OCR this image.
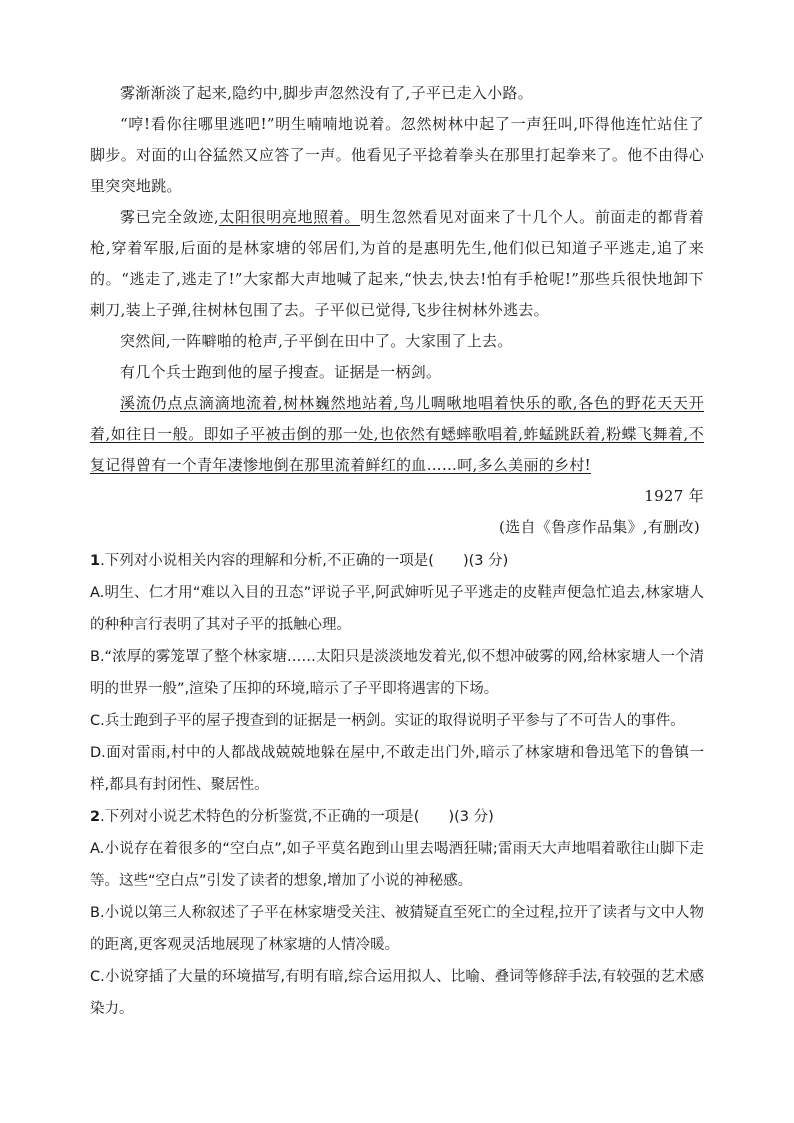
雾渐渐淡了起来,隐约中,脚步声忽然没有了,子平已走入小路。

“哼!看你往哪里逃吧!”明生喃喃地说着。忽然树林中起了一声狂叫,吓得他连忙站住了脚步。对面的山谷猛然又应答了一声。他看见子平捻着拳头在那里打起拳来了。他不由得心里突突地跳。

雾已完全敛迹,太阳很明亮地照着。明生忽然看见对面来了十几个人。前面走的都背着枪,穿着军服,后面的是林家塘的邻居们,为首的是惠明先生,他们似已知道子平逃走,追了来的。“逃走了,逃走了!”大家都大声地喊了起来,“快去,快去!怕有手枪呢!”那些兵很快地卸下刺刀,装上子弹,往树林包围了去。子平似已觉得,飞步往树林外逃去。

突然间,一阵噼啪的枪声,子平倒在田中了。大家围了上去。

有几个兵士跑到他的屋子搜查。证据是一柄剑。

溪流仍点点滴滴地流着,树林巍然地站着,鸟儿啁啾地唱着快乐的歌,各色的野花天天开着,如往日一般。即如子平被击倒的那一处,也依然有蟋蟀歌唱着,蚱蜢跳跃着,粉蝶飞舞着,不复记得曾有一个青年凄惨地倒在那里流着鲜红的血……呵,多么美丽的乡村!

1927 年

(选自《鲁彦作品集》,有删改)

1.下列对小说相关内容的理解和分析,不正确的一项是(　　)(3 分)

A.明生、仁才用“难以入目的丑态”评说子平,阿武婶听见子平逃走的皮鞋声便急忙追去,林家塘人的种种言行表明了其对子平的抵触心理。

B.“浓厚的雾笼罩了整个林家塘……太阳只是淡淡地发着光,似不想冲破雾的网,给林家塘人一个清明的世界一般”,渲染了压抑的环境,暗示了子平即将遇害的下场。

C.兵士跑到子平的屋子搜查到的证据是一柄剑。实证的取得说明子平参与了不可告人的事件。

D.面对雷雨,村中的人都战战兢兢地躲在屋中,不敢走出门外,暗示了林家塘和鲁迅笔下的鲁镇一样,都具有封闭性、聚居性。

2.下列对小说艺术特色的分析鉴赏,不正确的一项是(　　)(3 分)

A.小说存在着很多的“空白点”,如子平莫名跑到山里去喝酒狂啸;雷雨天大声地唱着歌往山脚下走等。这些“空白点”引发了读者的想象,增加了小说的神秘感。

B.小说以第三人称叙述了子平在林家塘受关注、被猜疑直至死亡的全过程,拉开了读者与文中人物的距离,更客观灵活地展现了林家塘的人情冷暖。

C.小说穿插了大量的环境描写,有明有暗,综合运用拟人、比喻、叠词等修辞手法,有较强的艺术感染力。
